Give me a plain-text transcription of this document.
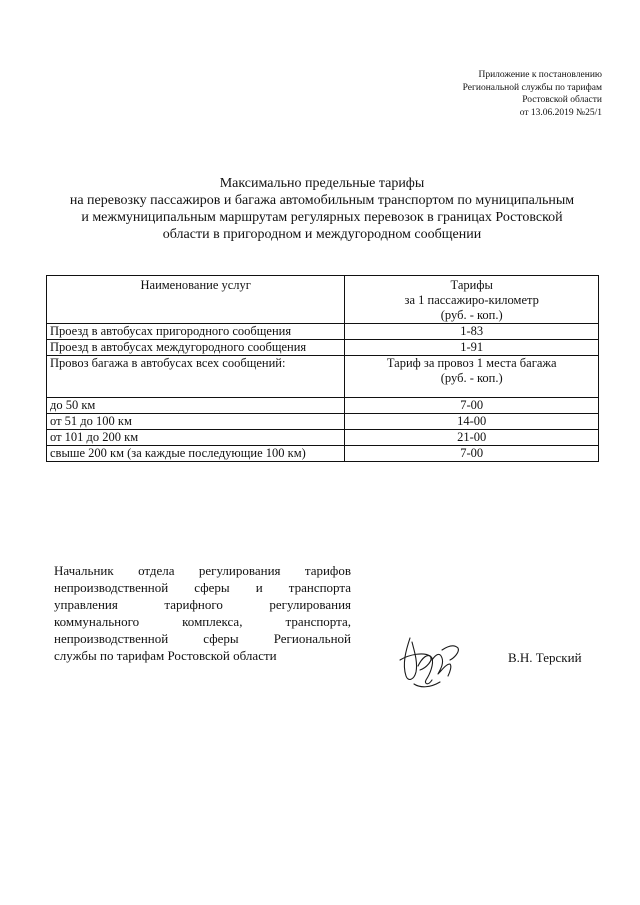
Приложение к постановлению
Региональной службы по тарифам
Ростовской области
от 13.06.2019 №25/1
Максимально предельные тарифы
на перевозку пассажиров и багажа автомобильным транспортом по муниципальным
и межмуниципальным маршрутам регулярных перевозок в границах Ростовской
области в пригородном и междугородном сообщении
Наименование услуг	Тарифы
за 1 пассажиро-километр
(руб. - коп.)

Проезд в автобусах пригородного сообщения	1-83
Проезд в автобусах междугородного сообщения	1-91
Провоз багажа в автобусах всех сообщений:	Тариф за провоз 1 места багажа
(руб. - коп.)

до 50 км	7-00
от 51 до 100 км	14-00
от 101 до 200 км	21-00
свыше 200 км (за каждые последующие 100 км)	7-00
Начальник отдела регулирования тарифов
непроизводственной сферы и транспорта
управления тарифного регулирования
коммунального комплекса, транспорта,
непроизводственной сферы Региональной
службы по тарифам Ростовской области	В.Н. Терский
